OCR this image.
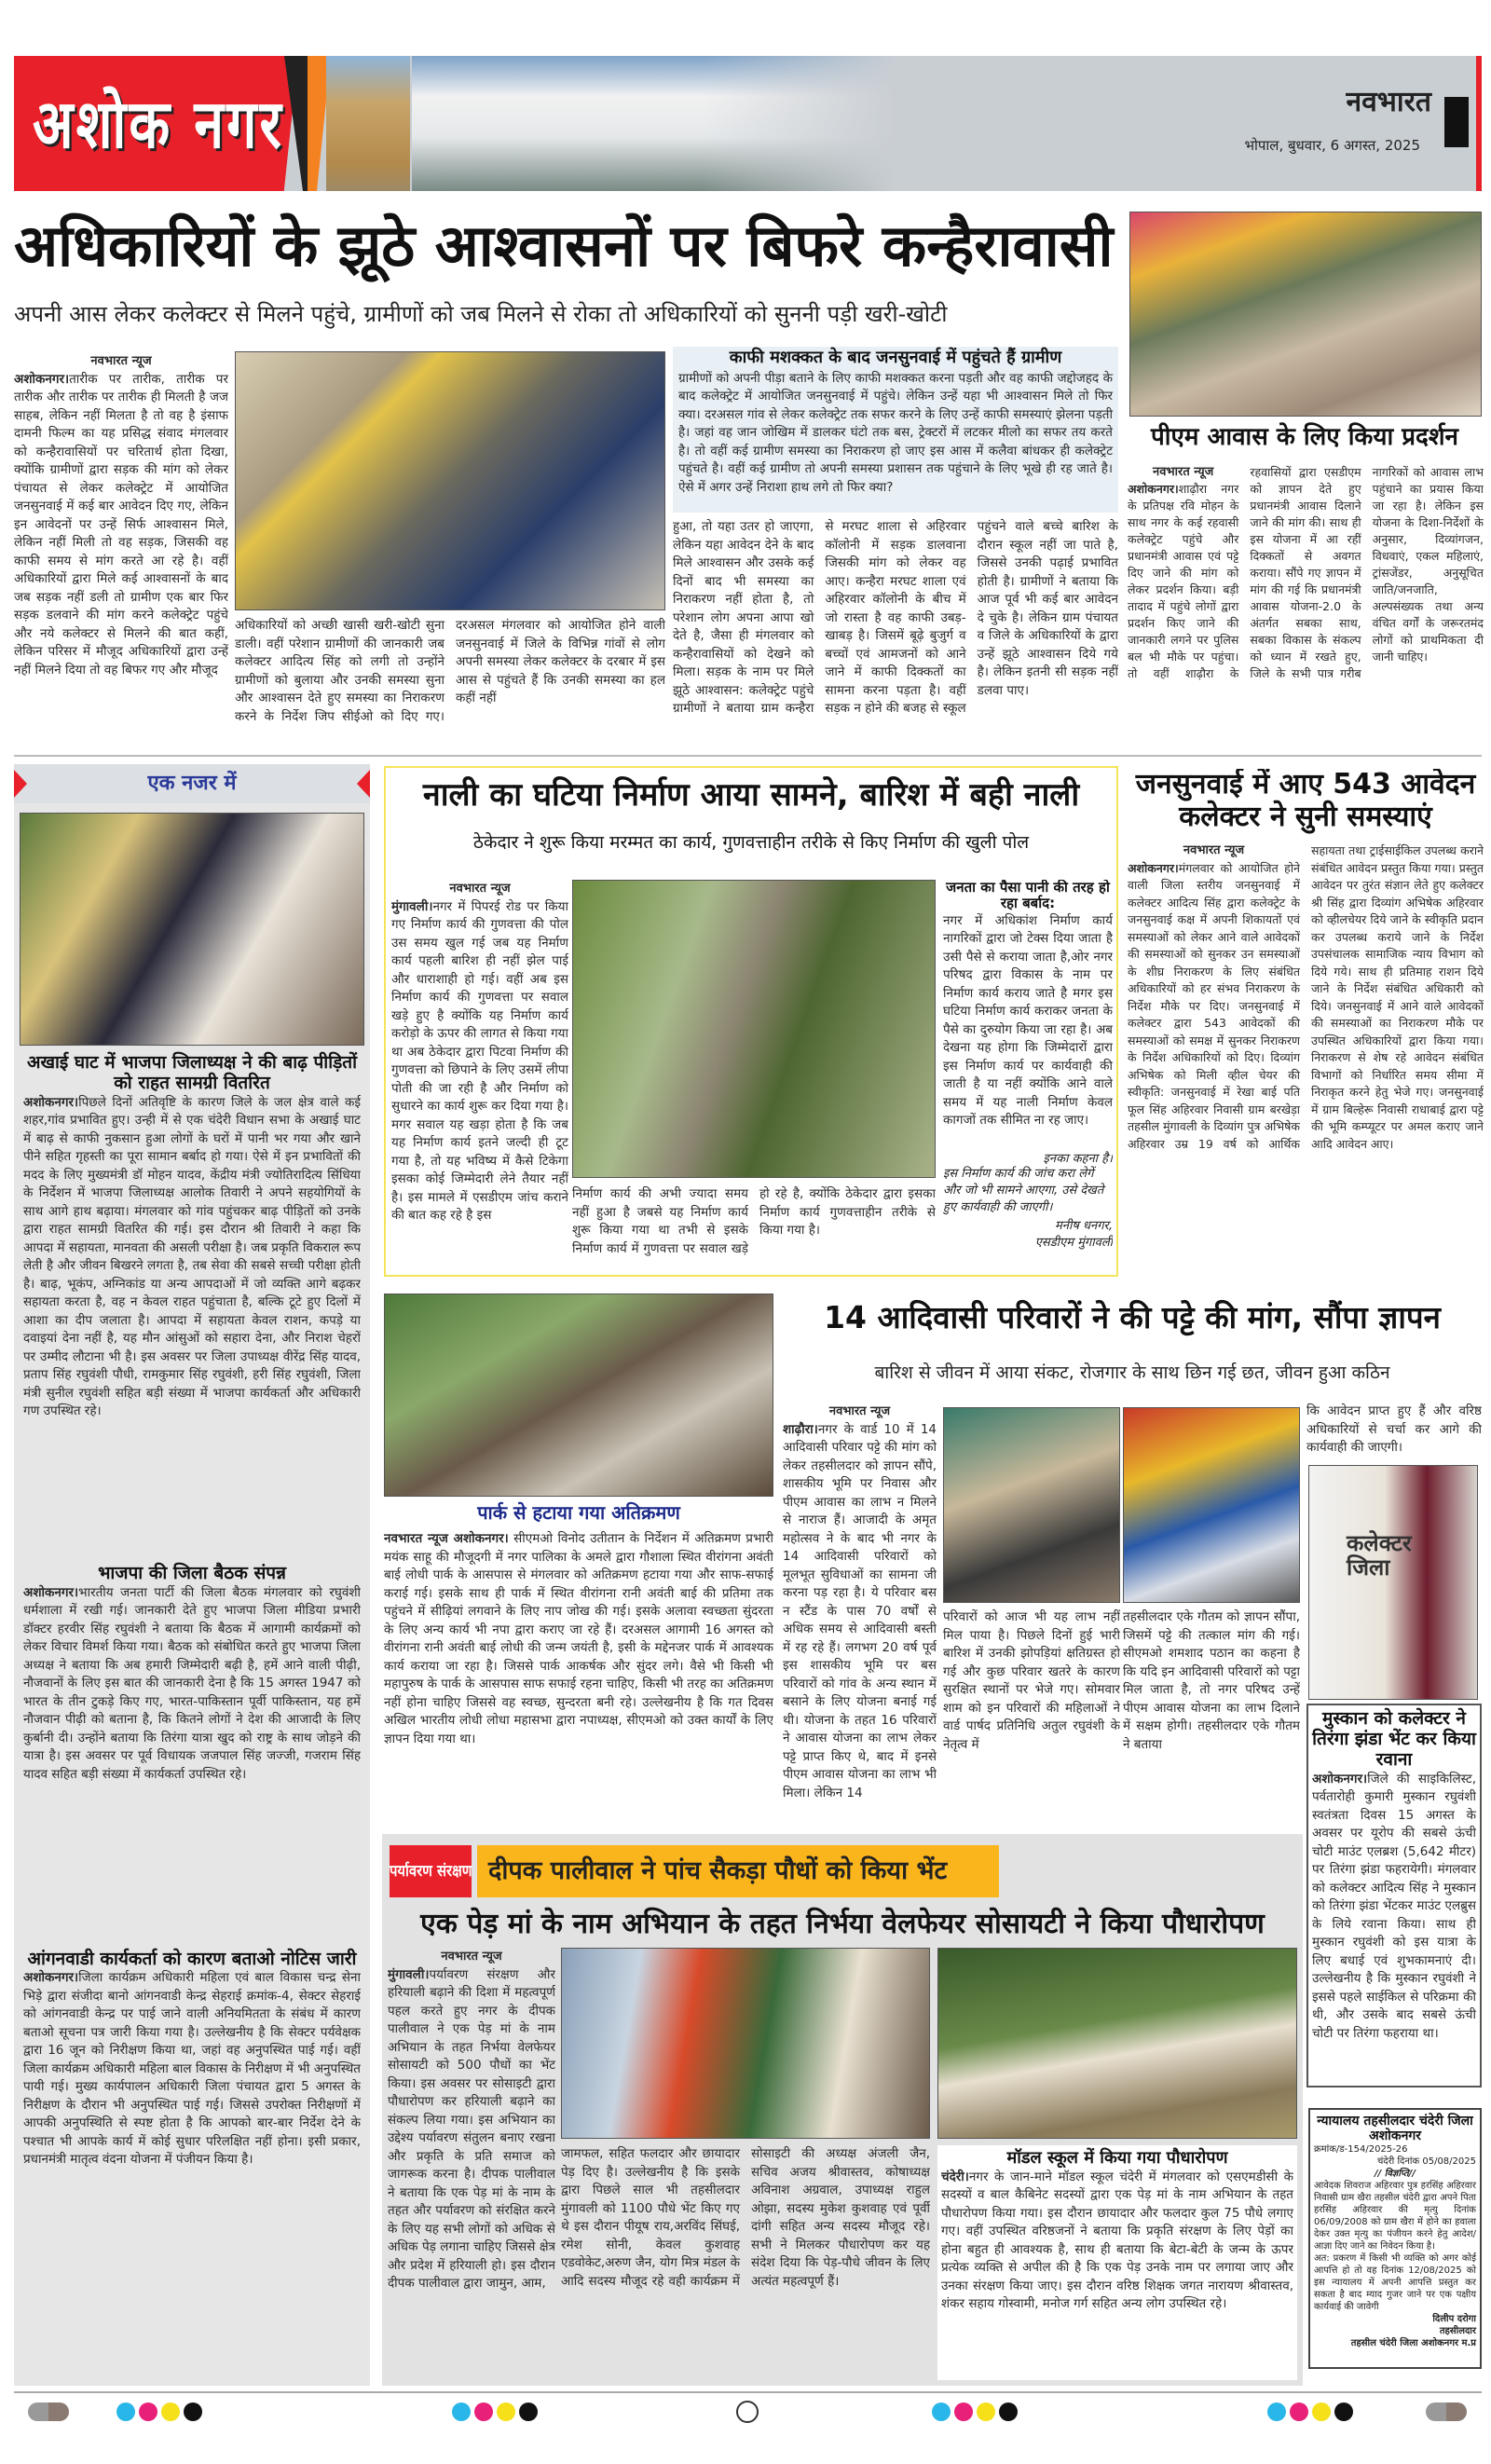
अशोक नगर	नवभारत
भोपाल, बुधवार, 6 अगस्त, 2025
अधिकारियों के झूठे आश्वासनों पर बिफरे कन्हैरावासी
अपनी आस लेकर कलेक्टर से मिलने पहुंचे, ग्रामीणों को जब मिलने से रोका तो अधिकारियों को सुननी पड़ी खरी-खोटी
नवभारत न्यूज
अशोकनगर।तारीक पर तारीक, तारीक पर तारीक और तारीक पर तारीक ही मिलती है जज साहब, लेकिन नहीं मिलता है तो वह है इंसाफ दामनी फिल्म का यह प्रसिद्ध संवाद मंगलवार को कन्हैरावासियों पर चरितार्थ होता दिखा, क्योंकि ग्रामीणों द्वारा सड़क की मांग को लेकर पंचायत से लेकर कलेक्ट्रेट में आयोजित जनसुनवाई में कई बार आवेदन दिए गए, लेकिन इन आवेदनों पर उन्हें सिर्फ आश्वासन मिले, लेकिन नहीं मिली तो वह सड़क, जिसकी वह काफी समय से मांग करते आ रहे है। वहीं अधिकारियों द्वारा मिले कई आश्वासनों के बाद जब सड़क नहीं डली तो ग्रामीण एक बार फिर सड़क डलवाने की मांग करने कलेक्ट्रेट पहुंचे और नये कलेक्टर से मिलने की बात कहीं, लेकिन परिसर में मौजूद अधिकारियों द्वारा उन्हें नहीं मिलने दिया तो वह बिफर गए और मौजूद
अधिकारियों को अच्छी खासी खरी-खोटी सुना डाली। वहीं परेशान ग्रामीणों की जानकारी जब कलेक्टर आदित्य सिंह को लगी तो उन्होंने ग्रामीणों को बुलाया और उनकी समस्या सुना और आश्वासन देते हुए समस्या का निराकरण करने के निर्देश जिप सीईओ को दिए गए। दरअसल मंगलवार को आयोजित होने वाली जनसुनवाई में जिले के विभिन्न गांवों से लोग अपनी समस्या लेकर कलेक्टर के दरबार में इस आस से पहुंचते हैं कि उनकी समस्या का हल कहीं नहीं
काफी मशक्कत के बाद जनसुनवाई में पहुंचते हैं ग्रामीण
ग्रामीणों को अपनी पीड़ा बताने के लिए काफी मशक्कत करना पड़ती और वह काफी जद्दोजहद के बाद कलेक्ट्रेट में आयोजित जनसुनवाई में पहुंचे। लेकिन उन्हें यहा भी आश्वासन मिले तो फिर क्या। दरअसल गांव से लेकर कलेक्ट्रेट तक सफर करने के लिए उन्हें काफी समस्याएं झेलना पड़ती है। जहां वह जान जोखिम में डालकर घंटो तक बस, ट्रेक्टरों में लटकर मीलो का सफर तय करते है। तो वहीं कई ग्रामीण समस्या का निराकरण हो जाए इस आस में कलैवा बांधकर ही कलेक्ट्रेट पहुंचते है। वहीं कई ग्रामीण तो अपनी समस्या प्रशासन तक पहुंचाने के लिए भूखे ही रह जाते है। ऐसे में अगर उन्हें निराशा हाथ लगे तो फिर क्या?
हुआ, तो यहा उतर हो जाएगा, लेकिन यहा आवेदन देने के बाद मिले आश्वासन और उसके कई दिनों बाद भी समस्या का निराकरण नहीं होता है, तो परेशान लोग अपना आपा खो देते है, जैसा ही मंगलवार को कन्हैरावासियों को देखने को मिला। सड़क के नाम पर मिले झूठे आश्वासन: कलेक्ट्रेट पहुंचे ग्रामीणों ने बताया ग्राम कन्हैरा से मरघट शाला से अहिरवार कॉलोनी में सड़क डालवाना जिसकी मांग को लेकर वह आए। कन्हैरा मरघट शाला एवं अहिरवार कॉलोनी के बीच में जो रास्ता है वह काफी उबड़-खाबड़ है। जिसमें बूढ़े बुजुर्ग व बच्चों एवं आमजनों को आने जाने में काफी दिक्कतों का सामना करना पड़ता है। वहीं सड़क न होने की बजह से स्कूल पहुंचने वाले बच्चे बारिश के दौरान स्कूल नहीं जा पाते है, जिससे उनकी पढ़ाई प्रभावित होती है। ग्रामीणों ने बताया कि आज पूर्व भी कई बार आवेदन दे चुके है। लेकिन ग्राम पंचायत व जिले के अधिकारियों के द्वारा उन्हें झूठे आश्वासन दिये गये है। लेकिन इतनी सी सड़क नहीं डलवा पाए।
पीएम आवास के लिए किया प्रदर्शन
नवभारत न्यूज
अशोकनगर।शाढ़ौरा नगर के प्रतिपक्ष रवि मोहन के साथ नगर के कई रहवासी कलेक्ट्रेट पहुंचे और प्रधानमंत्री आवास एवं पट्टे दिए जाने की मांग को लेकर प्रदर्शन किया। बड़ी तादाद में पहुंचे लोगों द्वारा प्रदर्शन किए जाने की जानकारी लगने पर पुलिस बल भी मौके पर पहुंचा। तो वहीं शाढ़ौरा के रहवासियों द्वारा एसडीएम को ज्ञापन देते हुए प्रधानमंत्री आवास दिलाने जाने की मांग की। साथ ही इस योजना में आ रहीं दिक्कतों से अवगत कराया। सौंपे गए ज्ञापन में मांग की गई कि प्रधानमंत्री आवास योजना-2.0 के अंतर्गत सबका साथ, सबका विकास के संकल्प को ध्यान में रखते हुए, जिले के सभी पात्र गरीब नागरिकों को आवास लाभ पहुंचाने का प्रयास किया जा रहा है। लेकिन इस योजना के दिशा-निर्देशों के अनुसार, दिव्यांगजन, विधवाएं, एकल महिलाएं, ट्रांसजेंडर, अनुसूचित जाति/जनजाति, अल्पसंख्यक तथा अन्य वंचित वर्गों के जरूरतमंद लोगों को प्राथमिकता दी जानी चाहिए।
एक नजर में
अखाई घाट में भाजपा जिलाध्यक्ष ने की बाढ़ पीड़ितों को राहत सामग्री वितरित
अशोकनगर।पिछले दिनों अतिवृष्टि के कारण जिले के जल क्षेत्र वाले कई शहर,गांव प्रभावित हुए। उन्ही में से एक चंदेरी विधान सभा के अखाई घाट में बाढ़ से काफी नुकसान हुआ लोगों के घरों में पानी भर गया और खाने पीने सहित गृहस्ती का पूरा सामान बर्बाद हो गया। ऐसे में इन प्रभावितों की मदद के लिए मुख्यमंत्री डॉ मोहन यादव, केंद्रीय मंत्री ज्योतिरादित्य सिंधिया के निर्देशन में भाजपा जिलाध्यक्ष आलोक तिवारी ने अपने सहयोगियों के साथ आगे हाथ बढ़ाया। मंगलवार को गांव पहुंचकर बाढ़ पीड़ितों को उनके द्वारा राहत सामग्री वितरित की गई। इस दौरान श्री तिवारी ने कहा कि आपदा में सहायता, मानवता की असली परीक्षा है। जब प्रकृति विकराल रूप लेती है और जीवन बिखरने लगता है, तब सेवा की सबसे सच्ची परीक्षा होती है। बाढ़, भूकंप, अग्निकांड या अन्य आपदाओं में जो व्यक्ति आगे बढ़कर सहायता करता है, वह न केवल राहत पहुंचाता है, बल्कि टूटे हुए दिलों में आशा का दीप जलाता है। आपदा में सहायता केवल राशन, कपड़े या दवाइयां देना नहीं है, यह मौन आंसुओं को सहारा देना, और निराश चेहरों पर उम्मीद लौटाना भी है। इस अवसर पर जिला उपाध्यक्ष वीरेंद्र सिंह यादव, प्रताप सिंह रघुवंशी पौधी, रामकुमार सिंह रघुवंशी, हरी सिंह रघुवंशी, जिला मंत्री सुनील रघुवंशी सहित बड़ी संख्या में भाजपा कार्यकर्ता और अधिकारी गण उपस्थित रहे।
भाजपा की जिला बैठक संपन्न
अशोकनगर।भारतीय जनता पार्टी की जिला बैठक मंगलवार को रघुवंशी धर्मशाला में रखी गई। जानकारी देते हुए भाजपा जिला मीडिया प्रभारी डॉक्टर हरवीर सिंह रघुवंशी ने बताया कि बैठक में आगामी कार्यक्रमों को लेकर विचार विमर्श किया गया। बैठक को संबोधित करते हुए भाजपा जिला अध्यक्ष ने बताया कि अब हमारी जिम्मेदारी बढ़ी है, हमें आने वाली पीढ़ी, नौजवानों के लिए इस बात की जानकारी देना है कि 15 अगस्त 1947 को भारत के तीन टुकड़े किए गए, भारत-पाकिस्तान पूर्वी पाकिस्तान, यह हमें नौजवान पीढ़ी को बताना है, कि कितने लोगों ने देश की आजादी के लिए कुर्बानी दी। उन्होंने बताया कि तिरंगा यात्रा खुद को राष्ट्र के साथ जोड़ने की यात्रा है। इस अवसर पर पूर्व विधायक जजपाल सिंह जज्जी, गजराम सिंह यादव सहित बड़ी संख्या में कार्यकर्ता उपस्थित रहे।
आंगनवाडी कार्यकर्ता को कारण बताओ नोटिस जारी
अशोकनगर।जिला कार्यक्रम अधिकारी महिला एवं बाल विकास चन्द्र सेना भिड़े द्वारा संजीदा बानो आंगनवाडी केन्द्र सेहराई क्रमांक-4, सेक्टर सेहराई को आंगनवाडी केन्द्र पर पाई जाने वाली अनियमितता के संबंध में कारण बताओ सूचना पत्र जारी किया गया है। उल्लेखनीय है कि सेक्टर पर्यवेक्षक द्वारा 16 जून को निरीक्षण किया था, जहां वह अनुपस्थित पाई गई। वहीं जिला कार्यक्रम अधिकारी महिला बाल विकास के निरीक्षण में भी अनुपस्थित पायी गई। मुख्य कार्यपालन अधिकारी जिला पंचायत द्वारा 5 अगस्त के निरीक्षण के दौरान भी अनुपस्थित पाई गई। जिससे उपरोक्त निरीक्षणों में आपकी अनुपस्थिति से स्पष्ट होता है कि आपको बार-बार निर्देश देने के पश्चात भी आपके कार्य में कोई सुधार परिलक्षित नहीं होना। इसी प्रकार, प्रधानमंत्री मातृत्व वंदना योजना में पंजीयन किया है।
नाली का घटिया निर्माण आया सामने, बारिश में बही नाली
ठेकेदार ने शुरू किया मरम्मत का कार्य, गुणवत्ताहीन तरीके से किए निर्माण की खुली पोल
नवभारत न्यूज
मुंगावली।नगर में पिपरई रोड पर किया गए निर्माण कार्य की गुणवत्ता की पोल उस समय खुल गई जब यह निर्माण कार्य पहली बारिश ही नहीं झेल पाई और धाराशाही हो गई। वहीं अब इस निर्माण कार्य की गुणवत्ता पर सवाल खड़े हुए है क्योंकि यह निर्माण कार्य करोड़ो के ऊपर की लागत से किया गया था अब ठेकेदार द्वारा पिटवा निर्माण की गुणवत्ता को छिपाने के लिए उसमें लीपा पोती की जा रही है और निर्माण को सुधारने का कार्य शुरू कर दिया गया है। मगर सवाल यह खड़ा होता है कि जब यह निर्माण कार्य इतने जल्दी ही टूट गया है, तो यह भविष्य में कैसे टिकेगा इसका कोई जिम्मेदारी लेने तैयार नहीं है। इस मामले में एसडीएम जांच कराने की बात कह रहे है इस
निर्माण कार्य की अभी ज्यादा समय नहीं हुआ है जबसे यह निर्माण कार्य शुरू किया गया था तभी से इसके निर्माण कार्य में गुणवत्ता पर सवाल खड़े हो रहे है, क्योंकि ठेकेदार द्वारा इसका निर्माण कार्य गुणवत्ताहीन तरीके से किया गया है।
जनता का पैसा पानी की तरह हो रहा बर्बाद:
नगर में अधिकांश निर्माण कार्य नागरिकों द्वारा जो टेक्स दिया जाता है उसी पैसे से कराया जाता है,ओर नगर परिषद द्वारा विकास के नाम पर निर्माण कार्य कराय जाते है मगर इस घटिया निर्माण कार्य कराकर जनता के पैसे का दुरुयोग किया जा रहा है। अब देखना यह होगा कि जिम्मेदारों द्वारा इस निर्माण कार्य पर कार्यवाही की जाती है या नहीं क्योंकि आने वाले समय में यह नाली निर्माण केवल कागजों तक सीमित ना रह जाए।
इनका कहना है।
इस निर्माण कार्य की जांच करा लेगें और जो भी सामने आएगा, उसे देखते हुए कार्यवाही की जाएगी।
मनीष धनगर,
एसडीएम मुंगावली
जनसुनवाई में आए 543 आवेदन कलेक्टर ने सुनी समस्याएं
नवभारत न्यूज
अशोकनगर।मंगलवार को आयोजित होने वाली जिला स्तरीय जनसुनवाई में कलेक्टर आदित्य सिंह द्वारा कलेक्ट्रेट के जनसुनवाई कक्ष में अपनी शिकायतों एवं समस्याओं को लेकर आने वाले आवेदकों की समस्याओं को सुनकर उन समस्याओं के शीघ्र निराकरण के लिए संबंधित अधिकारियों को हर संभव निराकरण के निर्देश मौके पर दिए। जनसुनवाई में कलेक्टर द्वारा 543 आवेदकों की समस्याओं को समक्ष में सुनकर निराकरण के निर्देश अधिकारियों को दिए। दिव्यांग अभिषेक को मिली व्हील चेयर की स्वीकृति: जनसुनवाई में रेखा बाई पति फूल सिंह अहिरवार निवासी ग्राम बरखेड़ा तहसील मुंगावली के दिव्यांग पुत्र अभिषेक अहिरवार उम्र 19 वर्ष को आर्थिक सहायता तथा ट्राईसाईकिल उपलब्ध कराने संबंधित आवेदन प्रस्तुत किया गया। प्रस्तुत आवेदन पर तुरंत संज्ञान लेते हुए कलेक्टर श्री सिंह द्वारा दिव्यांग अभिषेक अहिरवार को व्हीलचेयर दिये जाने के स्वीकृति प्रदान कर उपलब्ध कराये जाने के निर्देश उपसंचालक सामाजिक न्याय विभाग को दिये गये। साथ ही प्रतिमाह राशन दिये जाने के निर्देश संबंधित अधिकारी को दिये। जनसुनवाई में आने वाले आवेदकों की समस्याओं का निराकरण मौके पर उपस्थित अधिकारियों द्वारा किया गया। निराकरण से शेष रहे आवेदन संबंधित विभागों को निर्धारित समय सीमा में निराकृत करने हेतु भेजे गए। जनसुनवाई में ग्राम बिल्हेरू निवासी राधाबाई द्वारा पट्टे की भूमि कम्प्यूटर पर अमल कराए जाने आदि आवेदन आए।
पार्क से हटाया गया अतिक्रमण
नवभारत न्यूज अशोकनगर। सीएमओ विनोद उतीतान के निर्देशन में अतिक्रमण प्रभारी मयंक साहू की मौजूदगी में नगर पालिका के अमले द्वारा गौशाला स्थित वीरांगना अवंती बाई लोधी पार्क के आसपास से मंगलवार को अतिक्रमण हटाया गया और साफ-सफाई कराई गई। इसके साथ ही पार्क में स्थित वीरांगना रानी अवंती बाई की प्रतिमा तक पहुंचने में सीढ़ियां लगवाने के लिए नाप जोख की गई। इसके अलावा स्वच्छता सुंदरता के लिए अन्य कार्य भी नपा द्वारा कराए जा रहे हैं। दरअसल आगामी 16 अगस्त को वीरांगना रानी अवंती बाई लोधी की जन्म जयंती है, इसी के मद्देनजर पार्क में आवश्यक कार्य कराया जा रहा है। जिससे पार्क आकर्षक और सुंदर लगे। वैसे भी किसी भी महापुरुष के पार्क के आसपास साफ सफाई रहना चाहिए, किसी भी तरह का अतिक्रमण नहीं होना चाहिए जिससे वह स्वच्छ, सुन्दरता बनी रहे। उल्लेखनीय है कि गत दिवस अखिल भारतीय लोधी लोधा महासभा द्वारा नपाध्यक्ष, सीएमओ को उक्त कार्यों के लिए ज्ञापन दिया गया था।
14 आदिवासी परिवारों ने की पट्टे की मांग, सौंपा ज्ञापन
बारिश से जीवन में आया संकट, रोजगार के साथ छिन गई छत, जीवन हुआ कठिन
नवभारत न्यूज
शाढ़ौरा।नगर के वार्ड 10 में 14 आदिवासी परिवार पट्टे की मांग को लेकर तहसीलदार को ज्ञापन सौंपे, शासकीय भूमि पर निवास और पीएम आवास का लाभ न मिलने से नाराज हैं। आजादी के अमृत महोत्सव ने के बाद भी नगर के 14 आदिवासी परिवारों को मूलभूत सुविधाओं का सामना जी करना पड़ रहा है। ये परिवार बस न स्टैंड के पास 70 वर्षों से अधिक समय से आदिवासी बस्ती में रह रहे हैं। लगभग 20 वर्ष पूर्व इस शासकीय भूमि पर बस परिवारों को गांव के अन्य स्थान में बसाने के लिए योजना बनाई गई थी। योजना के तहत 16 परिवारों ने आवास योजना का लाभ लेकर पट्टे प्राप्त किए थे, बाद में इनसे पीएम आवास योजना का लाभ भी मिला। लेकिन 14
परिवारों को आज भी यह लाभ नहीं मिल पाया है। पिछले दिनों हुई भारी बारिश में उनकी झोपड़ियां क्षतिग्रस्त हो गई और कुछ परिवार खतरे के कारण सुरक्षित स्थानों पर भेजे गए। सोमवार शाम को इन परिवारों की महिलाओं ने वार्ड पार्षद प्रतिनिधि अतुल रघुवंशी के नेतृत्व में
तहसीलदार एके गौतम को ज्ञापन सौंपा, जिसमें पट्टे की तत्काल मांग की गई। सीएमओ शमशाद पठान का कहना है कि यदि इन आदिवासी परिवारों को पट्टा मिल जाता है, तो नगर परिषद उन्हें पीएम आवास योजना का लाभ दिलाने में सक्षम होगी। तहसीलदार एके गौतम ने बताया
कि आवेदन प्राप्त हुए हैं और वरिष्ठ अधिकारियों से चर्चा कर आगे की कार्यवाही की जाएगी।
कलेक्टर जिला
मुस्कान को कलेक्टर ने तिरंगा झंडा भेंट कर किया रवाना
अशोकनगर।जिले की साइकिलिस्ट, पर्वतारोही कुमारी मुस्कान रघुवंशी स्वतंत्रता दिवस 15 अगस्त के अवसर पर यूरोप की सबसे ऊंची चोटी माउंट एलब्रश (5,642 मीटर) पर तिरंगा झंडा फहरायेगी। मंगलवार को कलेक्टर आदित्य सिंह ने मुस्कान को तिरंगा झंडा भेंटकर माउंट एलब्रुस के लिये रवाना किया। साथ ही मुस्कान रघुवंशी को इस यात्रा के लिए बधाई एवं शुभकामनाएं दी। उल्लेखनीय है कि मुस्कान रघुवंशी ने इससे पहले साईकिल से परिक्रमा की थी, और उसके बाद सबसे ऊंची चोटी पर तिरंगा फहराया था।
न्यायालय तहसीलदार चंदेरी जिला अशोकनगर
क्रमांक/ड-154/2025-26
चंदेरी दिनांक 05/08/2025
// विज्ञप्ति//
आवेदक शिवराज अहिरवार पुत्र हरसिंह अहिरवार निवासी ग्राम खैरा तहसील चंदेरी द्वारा अपने पिता हरसिंह अहिरवार की मृत्यु दिनांक 06/09/2008 को ग्राम खैरा में होने का हवाला देकर उक्त मृत्यु का पंजीयन करने हेतु आदेश/आज्ञा दिए जाने का निवेदन किया है।
अत: प्रकरण में किसी भी व्यक्ति को अगर कोई आपत्ति हो तो वह दिनांक 12/08/2025 को इस न्यायालय में अपनी आपत्ति प्रस्तुत कर सकता है बाद म्याद गुजर जाने पर एक पक्षीय कार्यवाई की जावेगी
दिलीप दरोगा
तहसीलदार
तहसील चंदेरी जिला अशोकनगर म.प्र
पर्यावरण संरक्षण दीपक पालीवाल ने पांच सैकड़ा पौधों को किया भेंट
एक पेड़ मां के नाम अभियान के तहत निर्भया वेलफेयर सोसायटी ने किया पौधारोपण
नवभारत न्यूज
मुंगावली।पर्यावरण संरक्षण और हरियाली बढ़ाने की दिशा में महत्वपूर्ण पहल करते हुए नगर के दीपक पालीवाल ने एक पेड़ मां के नाम अभियान के तहत निर्भया वेलफेयर सोसायटी को 500 पौधों का भेंट किया। इस अवसर पर सोसाइटी द्वारा पौधारोपण कर हरियाली बढ़ाने का संकल्प लिया गया। इस अभियान का उद्देश्य पर्यावरण संतुलन बनाए रखना और प्रकृति के प्रति समाज को जागरूक करना है। दीपक पालीवाल ने बताया कि एक पेड़ मां के नाम के तहत और पर्यावरण को संरक्षित करने के लिए यह सभी लोगों को अधिक से अधिक पेड़ लगाना चाहिए जिससे क्षेत्र और प्रदेश में हरियाली हो। इस दौरान दीपक पालीवाल द्वारा जामुन, आम,
जामफल, सहित फलदार और छायादार पेड़ दिए है। उल्लेखनीय है कि इसके द्वारा पिछले साल भी तहसीलदार मुंगावली को 1100 पौधे भेंट किए गए थे इस दौरान पीयूष राय,अरविंद सिंघई, रमेश सोनी, केवल कुशवाह एडवोकेट,अरुण जैन, योग मित्र मंडल के आदि सदस्य मौजूद रहे वही कार्यक्रम में सोसाइटी की अध्यक्ष अंजली जैन, सचिव अजय श्रीवास्तव, कोषाध्यक्ष अविनाश अग्रवाल, उपाध्यक्ष राहुल ओझा, सदस्य मुकेश कुशवाह एवं पूर्वी दांगी सहित अन्य सदस्य मौजूद रहे। सभी ने मिलकर पौधारोपण कर यह संदेश दिया कि पेड़-पौधे जीवन के लिए अत्यंत महत्वपूर्ण हैं।
मॉडल स्कूल में किया गया पौधारोपण
चंदेरी।नगर के जान-माने मॉडल स्कूल चंदेरी में मंगलवार को एसएमडीसी के सदस्यों व बाल कैबिनेट सदस्यों द्वारा एक पेड़ मां के नाम अभियान के तहत पौधारोपण किया गया। इस दौरान छायादार और फलदार कुल 75 पौधे लगाए गए। वहीं उपस्थित वरिष्ठजनों ने बताया कि प्रकृति संरक्षण के लिए पेड़ों का होना बहुत ही आवश्यक है, साथ ही बताया कि बेटा-बेटी के जन्म के ऊपर प्रत्येक व्यक्ति से अपील की है कि एक पेड़ उनके नाम पर लगाया जाए और उनका संरक्षण किया जाए। इस दौरान वरिष्ठ शिक्षक जगत नारायण श्रीवास्तव, शंकर सहाय गोस्वामी, मनोज गर्ग सहित अन्य लोग उपस्थित रहे।
